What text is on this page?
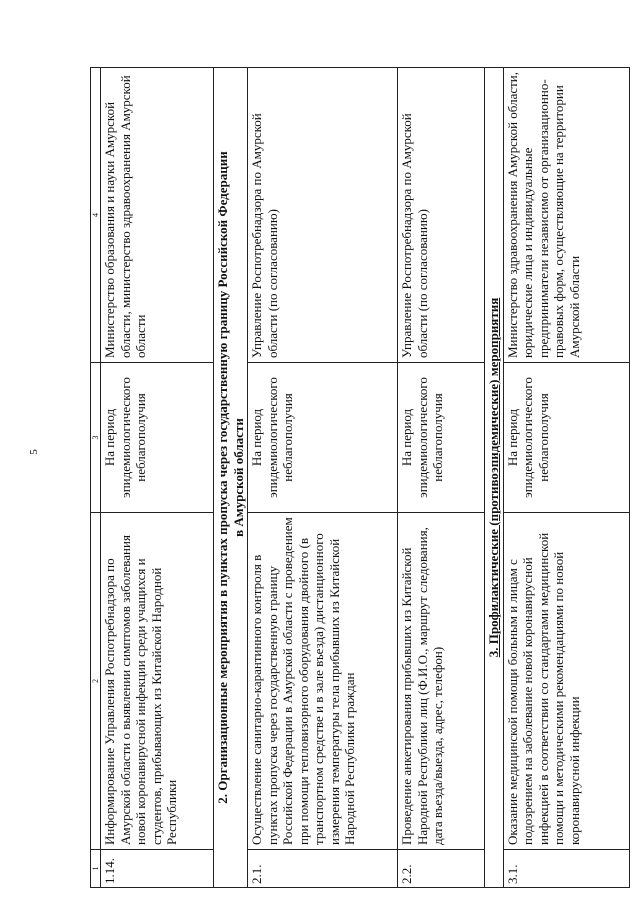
5
1	2	3	4
1.14.	Информирование Управления Роспотребнадзора по Амурской области о выявлении симптомов заболевания новой коронавирусной инфекции среди учащихся и студентов, прибывающих из Китайской Народной Республики	На период эпидемиологического неблагополучия	Министерство образования и науки Амурской области, министерство здравоохранения Амурской области

2. Организационные мероприятия в пунктах пропуска через государственную границу Российской Федерации в Амурской области			

2.1.	Осуществление санитарно-карантинного контроля в пунктах пропуска через государственную границу Российской Федерации в Амурской области с проведением при помощи тепловизорного оборудования двойного (в транспортном средстве и в зале въезда) дистанционного измерения температуры тела прибывших из Китайской Народной Республики граждан	На период эпидемиологического неблагополучия	Управление Роспотребнадзора по Амурской области (по согласованию)
2.2.	Проведение анкетирования прибывших из Китайской Народной Республики лиц (Ф.И.О., маршрут следования, дата въезда/выезда, адрес, телефон)	На период эпидемиологического неблагополучия	Управление Роспотребнадзора по Амурской области (по согласованию)
3. Профилактические (противоэпидемические) мероприятия			
3.1.	Оказание медицинской помощи больным и лицам с подозрением на заболевание новой коронавирусной инфекцией в соответствии со стандартами медицинской помощи и методическими рекомендациями по новой коронавирусной инфекции	На период эпидемиологического неблагополучия	Министерство здравоохранения Амурской области, юридические лица и индивидуальные предприниматели независимо от организационно-правовых форм, осуществляющие на территории Амурской области
